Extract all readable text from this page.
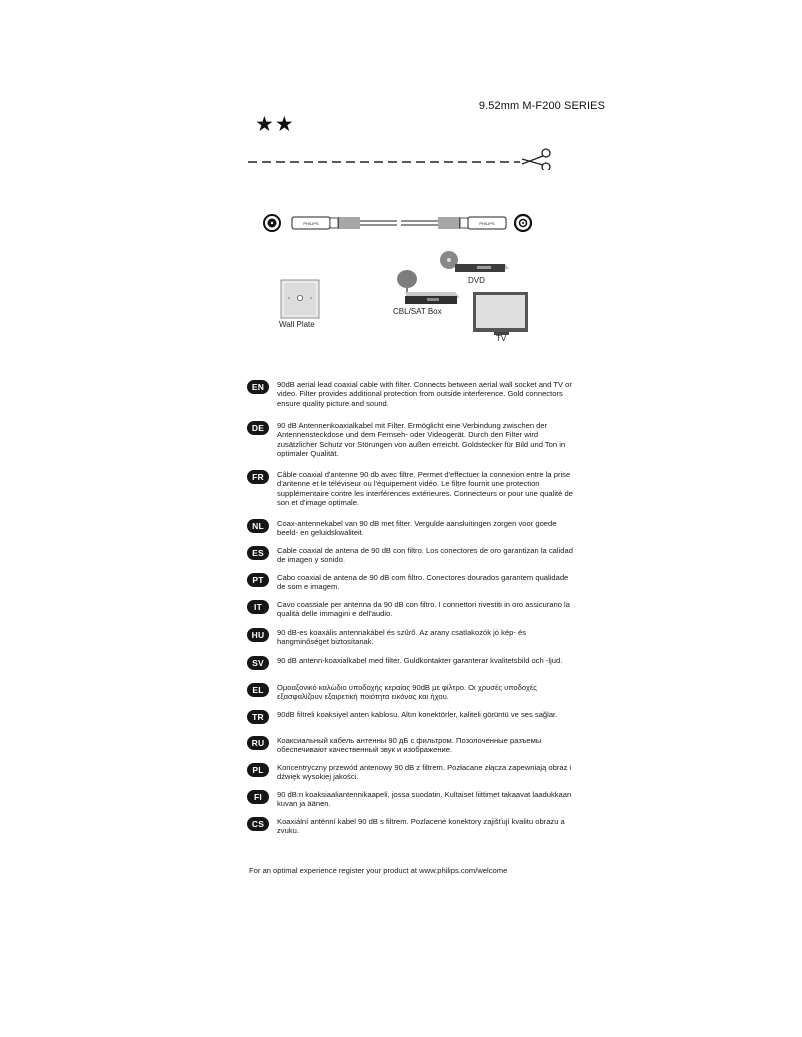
9.52mm M-F200 SERIES
★★
PHILIPS	PHILIPS
DVD
CBL/SAT Box
Wall Plate
TV
EN	90dB aerial lead coaxial cable with filter. Connects between aerial wall socket and TV or video. Filter provides additional protection from outside interference. Gold connectors ensure quality picture and sound.
DE	90 dB Antennenkoaxialkabel mit Filter. Ermöglicht eine Verbindung zwischen der Antennensteckdose und dem Fernseh- oder Videogerät. Durch den Filter wird zusätzlicher Schutz vor Störungen von außen erreicht. Goldstecker für Bild und Ton in optimaler Qualität.
FR	Câble coaxial d'antenne 90 db avec filtre. Permet d'effectuer la connexion entre la prise d'antenne et le téléviseur ou l'équipement vidéo. Le filtre fournit une protection supplémentaire contre les interférences extérieures. Connecteurs or pour une qualité de son et d'image optimale.
NL	Coax-antennekabel van 90 dB met filter. Vergulde aansluitingen zorgen voor goede beeld- en geluidskwaliteit.
ES	Cable coaxial de antena de 90 dB con filtro. Los conectores de oro garantizan la calidad de imagen y sonido.
PT	Cabo coaxial de antena de 90 dB com filtro. Conectores dourados garantem qualidade de som e imagem.
IT	Cavo coassiale per antenna da 90 dB con filtro. I connettori rivestiti in oro assicurano la qualità delle immagini e dell'audio.
HU	90 dB-es koaxális antennakábel és szűrő. Az arany csatlakozók jó kép- és hangminőséget biztosítanak.
SV	90 dB antenn-koaxialkabel med filter. Guldkontakter garanterar kvalitetsbild och -ljud.
EL	Ομοαξονικό καλώδιο υποδοχής κεραίας 90dB με φίλτρο. Οι χρυσές υποδοχές εξασφαλίζουν εξαιρετική ποιότητα εικόνας και ήχου.
TR	90dB filtreli koaksiyel anten kablosu. Altın konektörler, kaliteli görüntü ve ses sağlar.
RU	Коаксиальный кабель антенны 90 дБ с фильтром. Позолоченные разъемы обеспечивают качественный звук и изображение.
PL	Koncentryczny przewód antenowy 90 dB z filtrem. Pozłacane złącza zapewniają obraz i dźwięk wysokiej jakości.
FI	90 dB:n koaksiaaliantennikaapeli, jossa suodatin. Kultaiset liittimet takaavat laadukkaan kuvan ja äänen.
CS	Koaxiální anténní kabel 90 dB s filtrem. Pozlacené konektory zajišťují kvalitu obrazu a zvuku.
For an optimal experience register your product at www.philips.com/welcome
